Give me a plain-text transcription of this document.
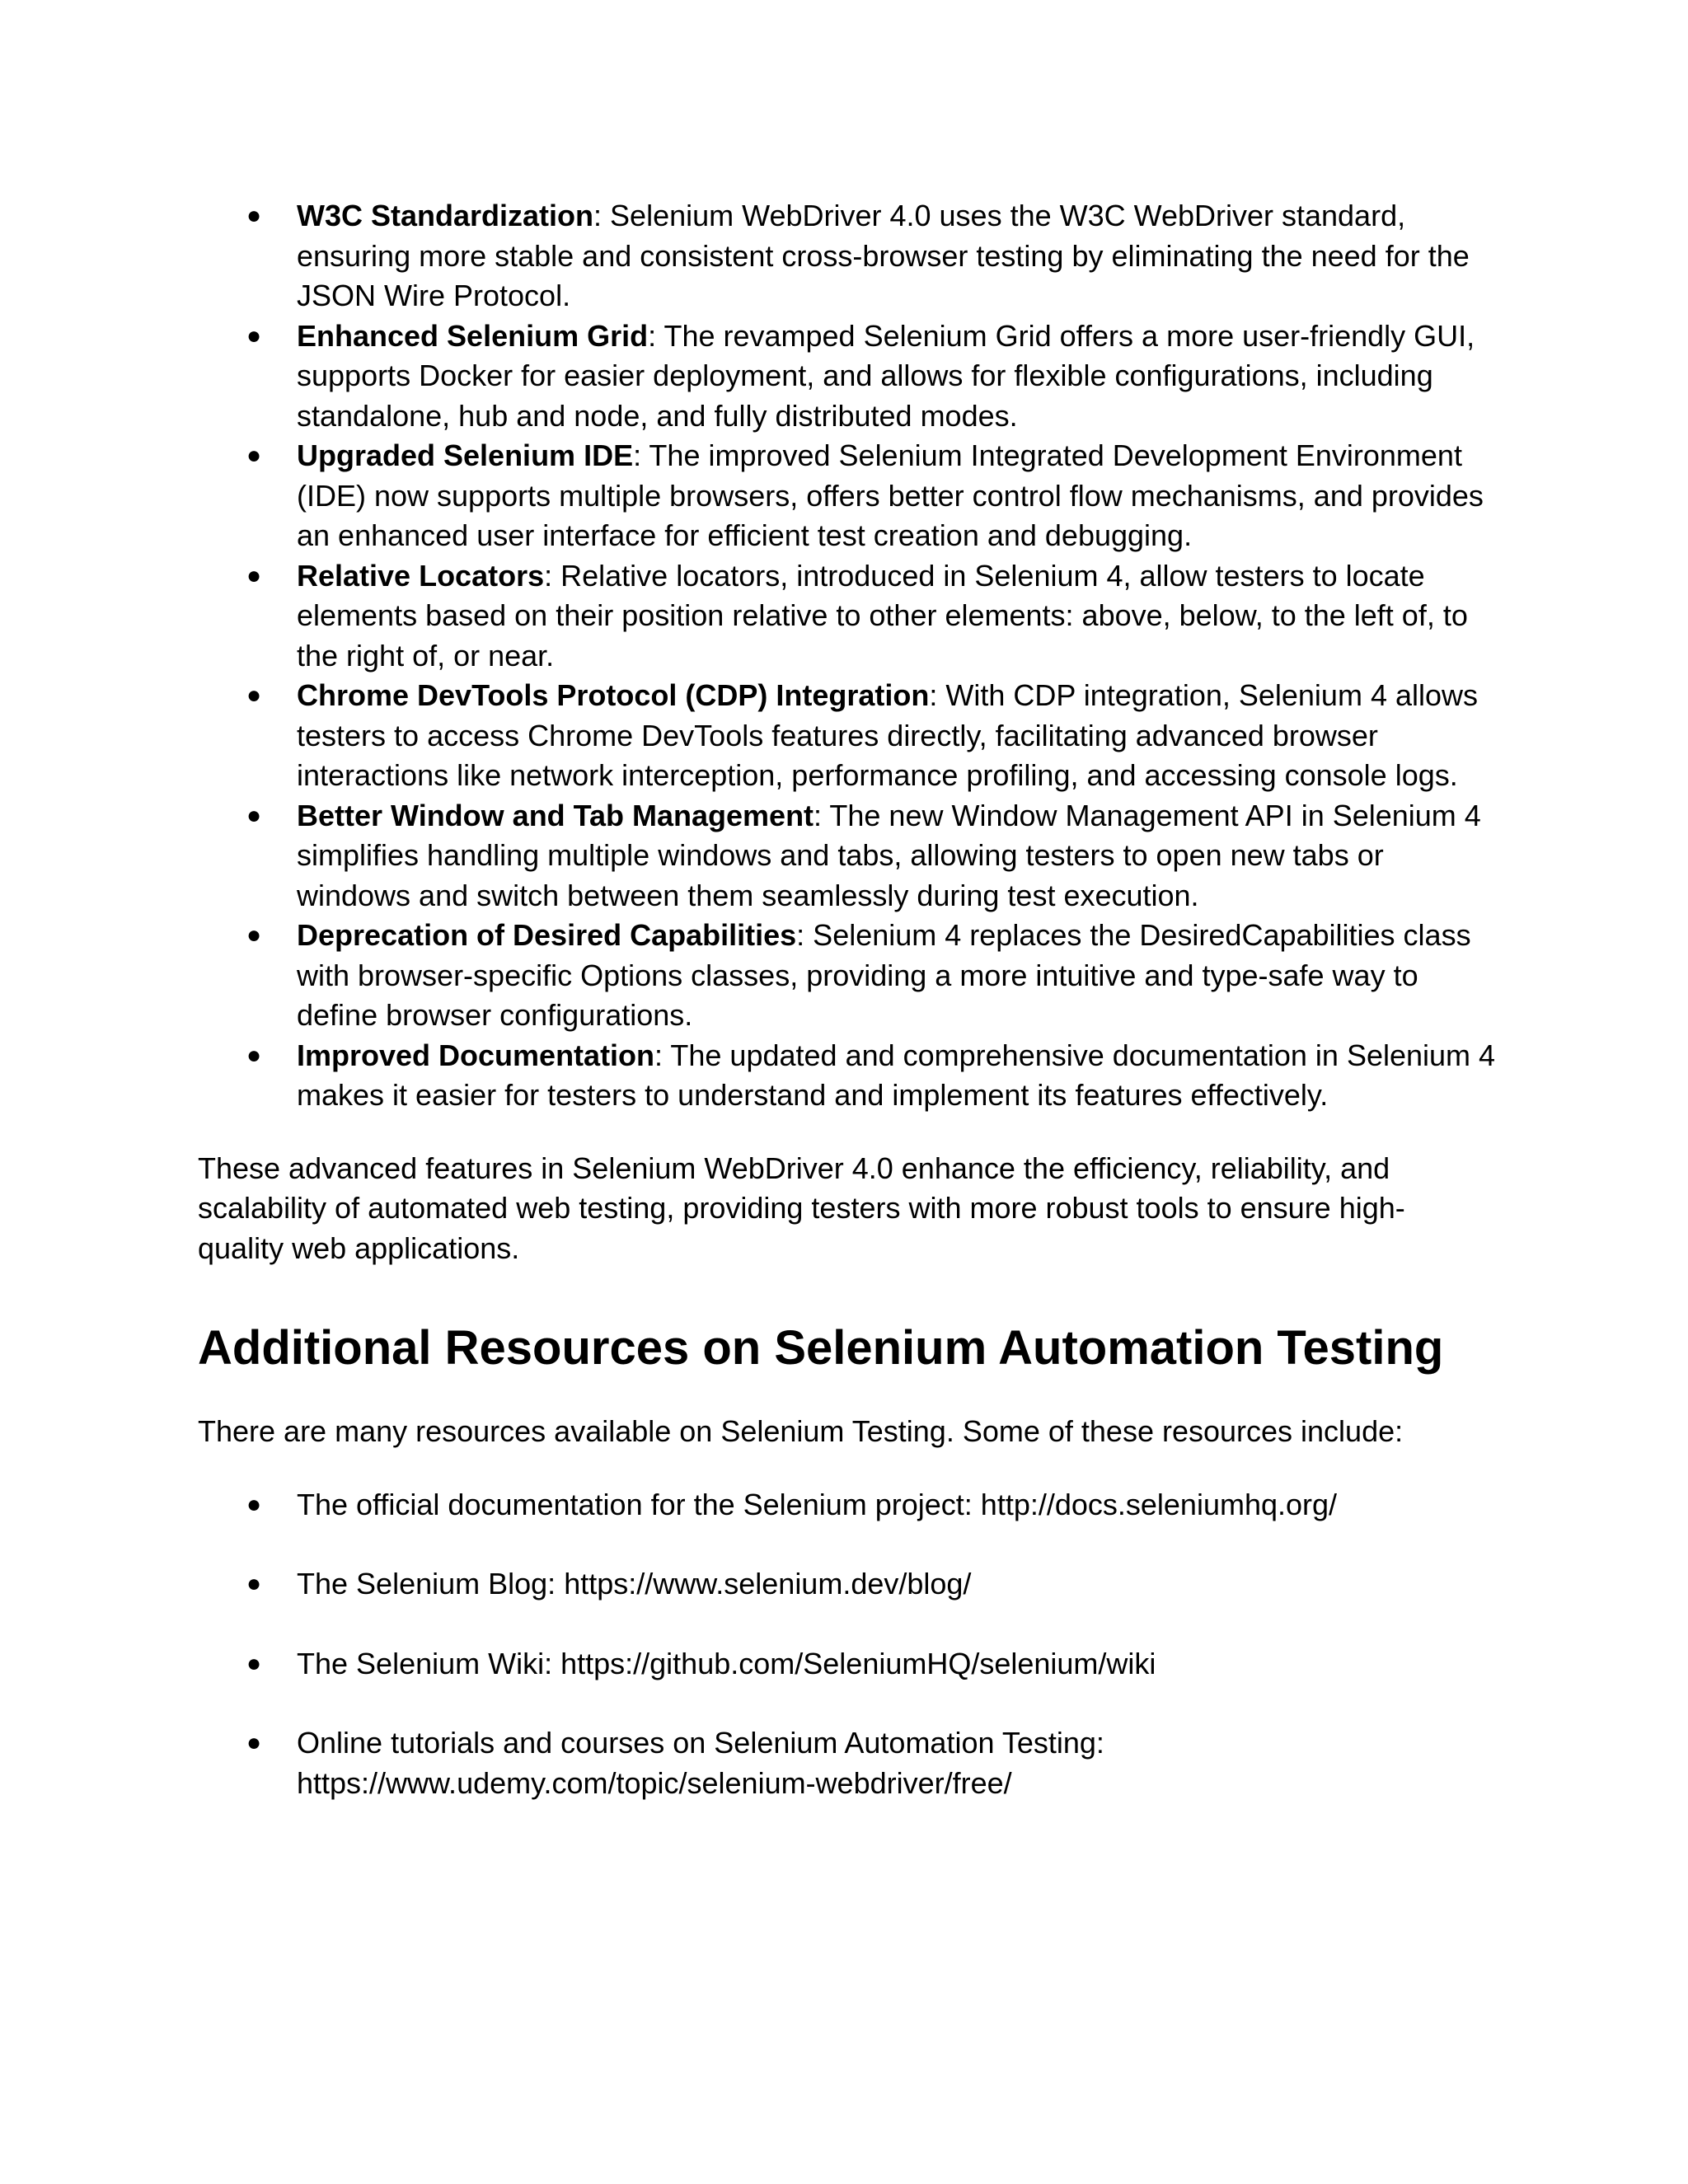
● W3C Standardization: Selenium WebDriver 4.0 uses the W3C WebDriver standard, ensuring more stable and consistent cross-browser testing by eliminating the need for the JSON Wire Protocol.
● Enhanced Selenium Grid: The revamped Selenium Grid offers a more user-friendly GUI, supports Docker for easier deployment, and allows for flexible configurations, including standalone, hub and node, and fully distributed modes.
● Upgraded Selenium IDE: The improved Selenium Integrated Development Environment (IDE) now supports multiple browsers, offers better control flow mechanisms, and provides an enhanced user interface for efficient test creation and debugging.
● Relative Locators: Relative locators, introduced in Selenium 4, allow testers to locate elements based on their position relative to other elements: above, below, to the left of, to the right of, or near.
● Chrome DevTools Protocol (CDP) Integration: With CDP integration, Selenium 4 allows testers to access Chrome DevTools features directly, facilitating advanced browser interactions like network interception, performance profiling, and accessing console logs.
● Better Window and Tab Management: The new Window Management API in Selenium 4 simplifies handling multiple windows and tabs, allowing testers to open new tabs or windows and switch between them seamlessly during test execution.
● Deprecation of Desired Capabilities: Selenium 4 replaces the DesiredCapabilities class with browser-specific Options classes, providing a more intuitive and type-safe way to define browser configurations.
● Improved Documentation: The updated and comprehensive documentation in Selenium 4 makes it easier for testers to understand and implement its features effectively.

These advanced features in Selenium WebDriver 4.0 enhance the efficiency, reliability, and scalability of automated web testing, providing testers with more robust tools to ensure high-quality web applications.

Additional Resources on Selenium Automation Testing

There are many resources available on Selenium Testing. Some of these resources include:

● The official documentation for the Selenium project: http://docs.seleniumhq.org/
● The Selenium Blog: https://www.selenium.dev/blog/
● The Selenium Wiki: https://github.com/SeleniumHQ/selenium/wiki
● Online tutorials and courses on Selenium Automation Testing:
https://www.udemy.com/topic/selenium-webdriver/free/
